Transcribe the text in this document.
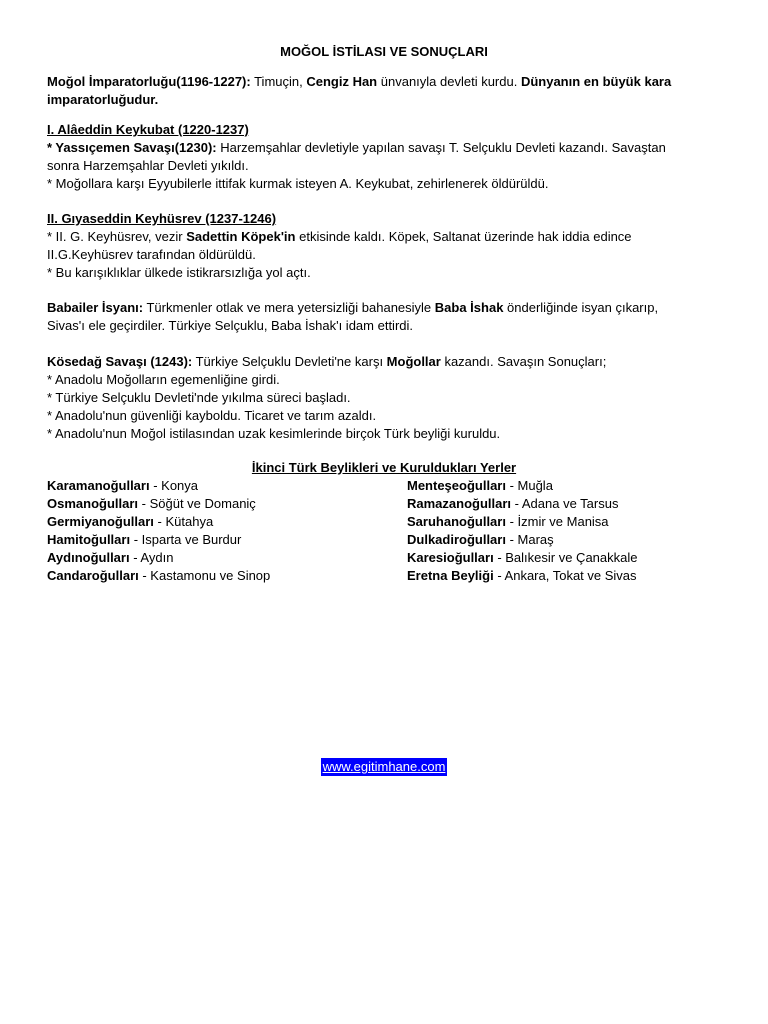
MOĞOL İSTİLASI VE SONUÇLARI
Moğol İmparatorluğu(1196-1227): Timuçin, Cengiz Han ünvanıyla devleti kurdu. Dünyanın en büyük kara
imparatorluğudur.
I. Alâeddin Keykubat (1220-1237)
* Yassıçemen Savaşı(1230): Harzemşahlar devletiyle yapılan savaşı T. Selçuklu Devleti kazandı. Savaştan
sonra Harzemşahlar Devleti yıkıldı.
* Moğollara karşı Eyyubilerle ittifak kurmak isteyen A. Keykubat, zehirlenerek öldürüldü.
II. Gıyaseddin Keyhüsrev (1237-1246)
* II. G. Keyhüsrev, vezir Sadettin Köpek'in etkisinde kaldı. Köpek, Saltanat üzerinde hak iddia edince
II.G.Keyhüsrev tarafından öldürüldü.
* Bu karışıklıklar ülkede istikrarsızlığa yol açtı.
Babailer İsyanı: Türkmenler otlak ve mera yetersizliği bahanesiyle Baba İshak önderliğinde isyan çıkarıp,
Sivas'ı ele geçirdiler. Türkiye Selçuklu, Baba İshak'ı idam ettirdi.
Kösedağ Savaşı (1243): Türkiye Selçuklu Devleti'ne karşı Moğollar kazandı. Savaşın Sonuçları;
* Anadolu Moğolların egemenliğine girdi.
* Türkiye Selçuklu Devleti'nde yıkılma süreci başladı.
* Anadolu'nun güvenliği kayboldu. Ticaret ve tarım azaldı.
* Anadolu'nun Moğol istilasından uzak kesimlerinde birçok Türk beyliği kuruldu.
İkinci Türk Beylikleri ve Kuruldukları Yerler
Karamanoğulları - Konya
Osmanoğulları - Söğüt ve Domaniç
Germiyanoğulları - Kütahya
Hamitoğulları - Isparta ve Burdur
Aydınoğulları - Aydın
Candaroğulları - Kastamonu ve Sinop
Menteşeoğulları - Muğla
Ramazanoğulları - Adana ve Tarsus
Saruhanoğulları - İzmir ve Manisa
Dulkadiroğulları - Maraş
Karesioğulları - Balıkesir ve Çanakkale
Eretna Beyliği - Ankara, Tokat ve Sivas
www.egitimhane.com
